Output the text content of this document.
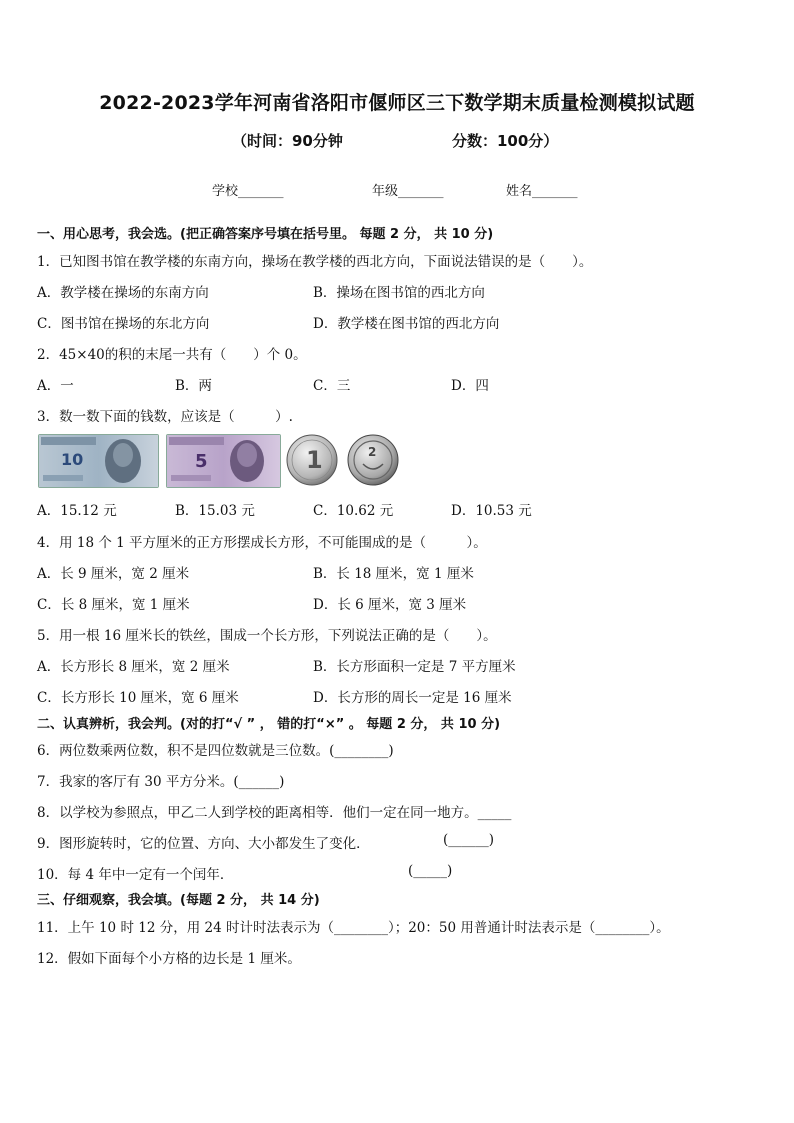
2022-2023学年河南省洛阳市偃师区三下数学期末质量检测模拟试题
（时间：90分钟	分数：100分）
学校_______	年级_______	姓名_______
一、用心思考，我会选。(把正确答案序号填在括号里。 每题 2 分， 共 10 分)
1．已知图书馆在教学楼的东南方向，操场在教学楼的西北方向，下面说法错误的是（　　）。
A．教学楼在操场的东南方向	B．操场在图书馆的西北方向
C．图书馆在操场的东北方向	D．教学楼在图书馆的西北方向
2．45×40的积的末尾一共有（　　）个 0。
A．一	B．两	C．三	D．四
3．数一数下面的钱数，应该是（　　　）.
10	5	1	2
A．15.12 元	B．15.03 元	C．10.62 元	D．10.53 元
4．用 18 个 1 平方厘米的正方形摆成长方形，不可能围成的是（　　　）。
A．长 9 厘米，宽 2 厘米	B．长 18 厘米，宽 1 厘米
C．长 8 厘米，宽 1 厘米	D．长 6 厘米，宽 3 厘米
5．用一根 16 厘米长的铁丝，围成一个长方形，下列说法正确的是（　　）。
A．长方形长 8 厘米，宽 2 厘米	B．长方形面积一定是 7 平方厘米
C．长方形长 10 厘米，宽 6 厘米	D．长方形的周长一定是 16 厘米
二、认真辨析，我会判。(对的打“√ ” ， 错的打“×” 。 每题 2 分， 共 10 分)
6．两位数乘两位数，积不是四位数就是三位数。(________)
7．我家的客厅有 30 平方分米。(______)
8．以学校为参照点，甲乙二人到学校的距离相等．他们一定在同一地方。_____
9．图形旋转时，它的位置、方向、大小都发生了变化．	(______)
10．每 4 年中一定有一个闰年．	(_____)
三、仔细观察，我会填。(每题 2 分， 共 14 分)
11．上午 10 时 12 分，用 24 时计时法表示为（________）；20：50 用普通计时法表示是（________）。
12．假如下面每个小方格的边长是 1 厘米。
